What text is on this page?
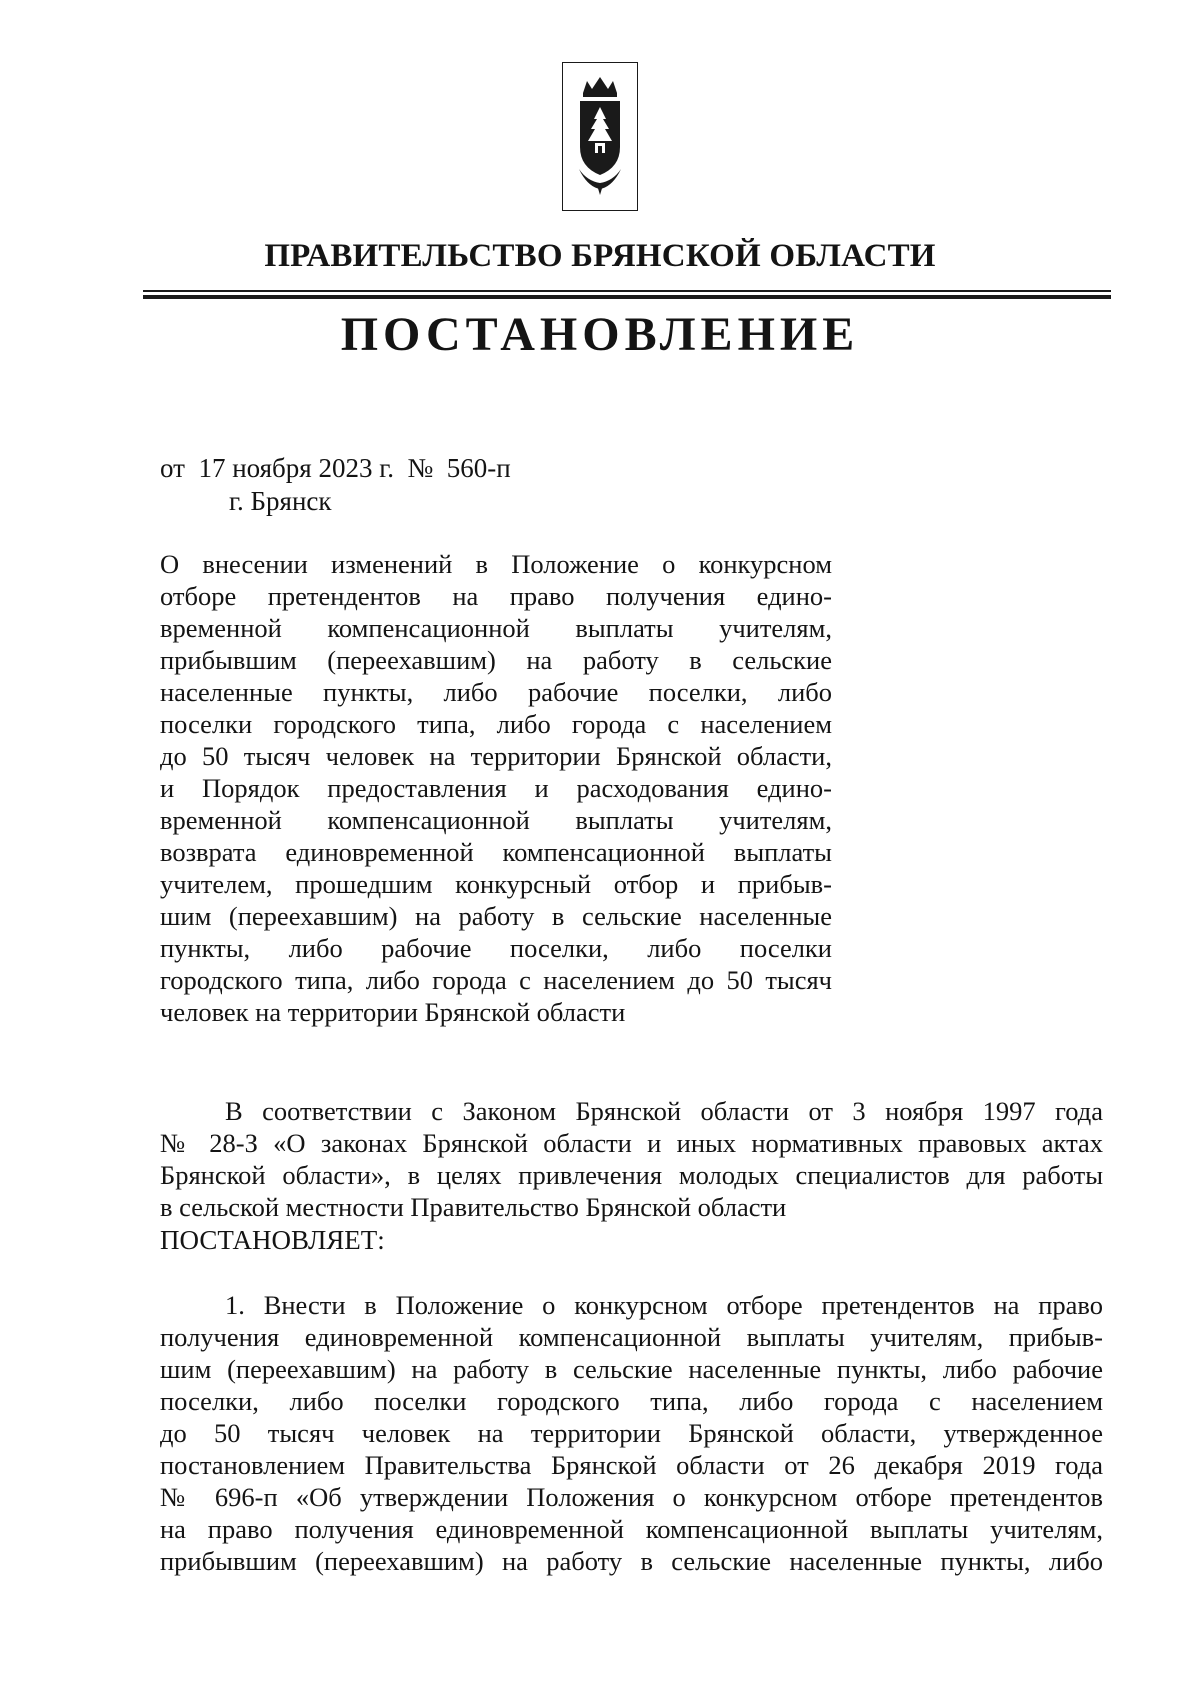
ПРАВИТЕЛЬСТВО БРЯНСКОЙ ОБЛАСТИ
ПОСТАНОВЛЕНИЕ
от  17 ноября 2023 г.  №  560-п
г. Брянск
О внесении изменений в Положение о конкурсном
отборе претендентов на право получения едино-
временной компенсационной выплаты учителям,
прибывшим (переехавшим) на работу в сельские
населенные пункты, либо рабочие поселки, либо
поселки городского типа, либо города с населением
до 50 тысяч человек на территории Брянской области,
и Порядок предоставления и расходования едино-
временной компенсационной выплаты учителям,
возврата единовременной компенсационной выплаты
учителем, прошедшим конкурсный отбор и прибыв-
шим (переехавшим) на работу в сельские населенные
пункты, либо рабочие поселки, либо поселки
городского типа, либо города с населением до 50 тысяч
человек на территории Брянской области
В соответствии с Законом Брянской области от 3 ноября 1997 года
№ 28-З «О законах Брянской области и иных нормативных правовых актах
Брянской области», в целях привлечения молодых специалистов для работы
в сельской местности Правительство Брянской области
ПОСТАНОВЛЯЕТ:
1. Внести в Положение о конкурсном отборе претендентов на право
получения единовременной компенсационной выплаты учителям, прибыв-
шим (переехавшим) на работу в сельские населенные пункты, либо рабочие
поселки, либо поселки городского типа, либо города с населением
до 50 тысяч человек на территории Брянской области, утвержденное
постановлением Правительства Брянской области от 26 декабря 2019 года
№ 696-п «Об утверждении Положения о конкурсном отборе претендентов
на право получения единовременной компенсационной выплаты учителям,
прибывшим (переехавшим) на работу в сельские населенные пункты, либо
